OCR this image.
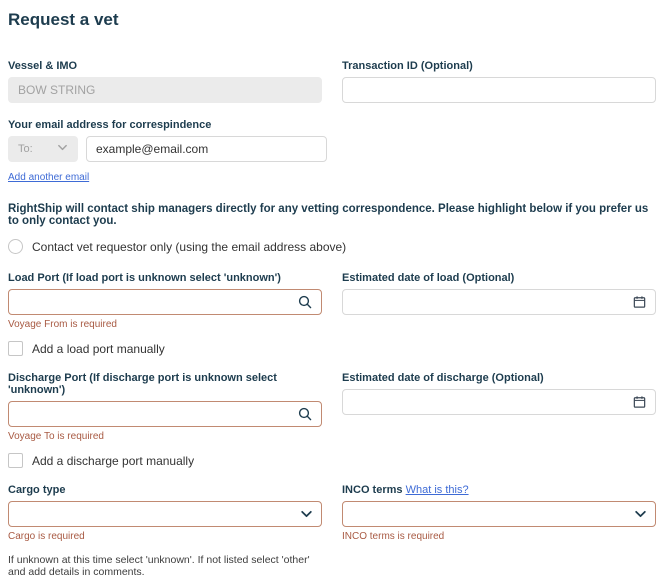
Request a vet
Vessel & IMO
BOW STRING	Transaction ID (Optional)
Your email address for correspindence
To:
example@email.com
Add another email
RightShip will contact ship managers directly for any vetting correspondence. Please highlight below if you prefer us to only contact you.
Contact vet requestor only (using the email address above)
Load Port (If load port is unknown select 'unknown')
Voyage From is required
Add a load port manually
Estimated date of load (Optional)
Discharge Port (If discharge port is unknown select 'unknown')
Voyage To is required
Add a discharge port manually
Estimated date of discharge (Optional)
Cargo type
Cargo is required
If unknown at this time select 'unknown'. If not listed select 'other' and add details in comments.
INCO terms What is this?
INCO terms is required
